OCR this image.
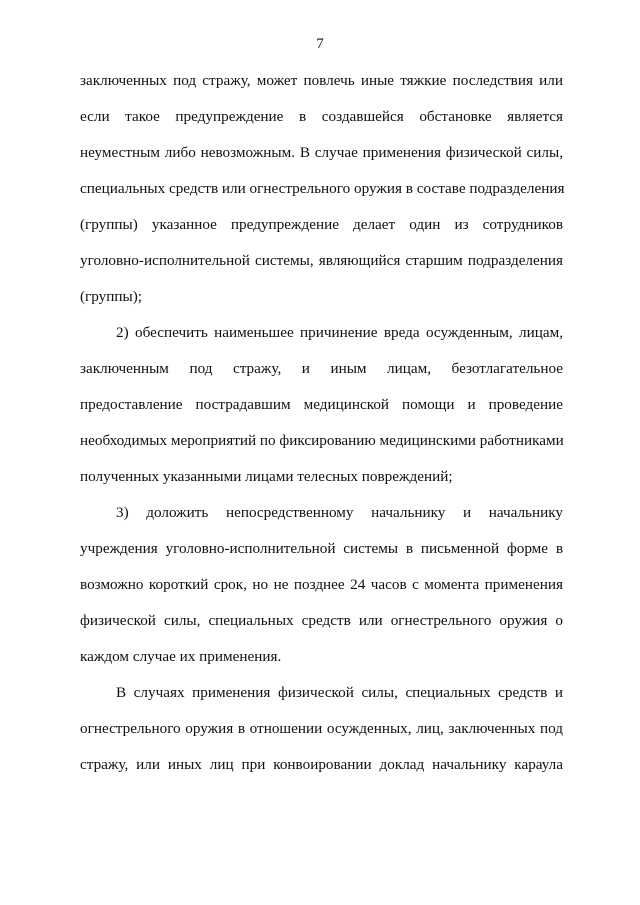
7
заключенных под стражу, может повлечь иные тяжкие последствия или
если такое предупреждение в создавшейся обстановке является
неуместным либо невозможным. В случае применения физической силы,
специальных средств или огнестрельного оружия в составе подразделения
(группы) указанное предупреждение делает один из сотрудников
уголовно-исполнительной системы, являющийся старшим подразделения
(группы);
2) обеспечить наименьшее причинение вреда осужденным, лицам,
заключенным под стражу, и иным лицам, безотлагательное
предоставление пострадавшим медицинской помощи и проведение
необходимых мероприятий по фиксированию медицинскими работниками
полученных указанными лицами телесных повреждений;
3) доложить непосредственному начальнику и начальнику
учреждения уголовно-исполнительной системы в письменной форме в
возможно короткий срок, но не позднее 24 часов с момента применения
физической силы, специальных средств или огнестрельного оружия о
каждом случае их применения.
В случаях применения физической силы, специальных средств и
огнестрельного оружия в отношении осужденных, лиц, заключенных под
стражу, или иных лиц при конвоировании доклад начальнику караула
